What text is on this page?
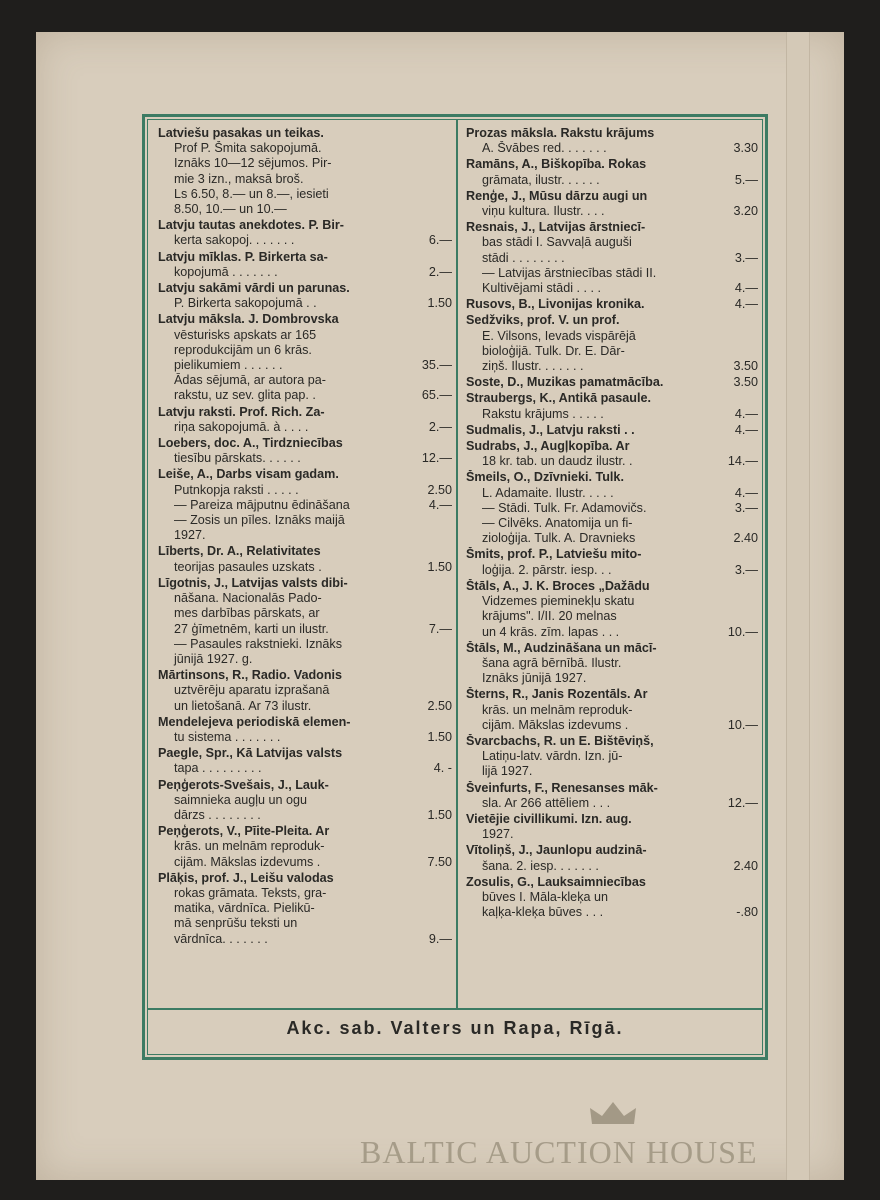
Latviešu pasakas un teikas.
Prof P. Šmita sakopojumā.
Iznāks 10—12 sējumos. Pir-
mie 3 izn., maksā broš.
Ls 6.50, 8.— un 8.—, iesieti
8.50, 10.— un 10.—
Latvju tautas anekdotes. P. Bir-
kerta sakopoj. . . . . . .	6.—
Latvju mīklas. P. Birkerta sa-
kopojumā . . . . . . .	2.—
Latvju sakāmi vārdi un parunas.
P. Birkerta sakopojumā . .	1.50
Latvju māksla. J. Dombrovska
vēsturisks apskats ar 165
reprodukcijām un 6 krās.
pielikumiem . . . . . .	35.—
Ādas sējumā, ar autora pa-
rakstu, uz sev. glita pap. .	65.—
Latvju raksti. Prof. Rich. Za-
riņa sakopojumā. à . . . .	2.—
Loebers, doc. A., Tirdzniecības
tiesību pārskats. . . . . .	12.—
Leiše, A., Darbs visam gadam.
Putnkopja raksti . . . . .	2.50
— Pareiza mājputnu ēdināšana	4.—
— Zosis un pīles. Iznāks maijā
1927.
Līberts, Dr. A., Relativitates
teorijas pasaules uzskats .	1.50
Līgotnis, J., Latvijas valsts dibi-
nāšana. Nacionalās Pado-
mes darbības pārskats, ar
27 ģīmetnēm, karti un ilustr.	7.—
— Pasaules rakstnieki. Iznāks
jūnijā 1927. g.
Mārtinsons, R., Radio. Vadonis
uztvērēju aparatu izprašanā
un lietošanā. Ar 73 ilustr.	2.50
Mendelejeva periodiskā elemen-
tu sistema . . . . . . .	1.50
Paegle, Spr., Kā Latvijas valsts
tapa . . . . . . . . .	4. -
Peņģerots-Svešais, J., Lauk-
saimnieka augļu un ogu
dārzs . . . . . . . .	1.50
Peņģerots, V., Pīite-Pleita. Ar
krās. un melnām reproduk-
cijām. Mākslas izdevums .	7.50
Plāķis, prof. J., Leišu valodas
rokas grāmata. Teksts, gra-
matika, vārdnīca. Pielikū-
mā senprūšu teksti un
vārdnīca. . . . . . .	9.—
Prozas māksla. Rakstu krājums
A. Švābes red. . . . . . .	3.30
Ramāns, A., Biškopība. Rokas
grāmata, ilustr. . . . . .	5.—
Renģe, J., Mūsu dārzu augi un
viņu kultura. Ilustr. . . .	3.20
Resnais, J., Latvijas ārstniecī-
bas stādi I. Savvaļā auguši
stādi . . . . . . . .	3.—
— Latvijas ārstniecības stādi II.
Kultivējami stādi . . . .	4.—
Rusovs, B., Livonijas kronika.	4.—
Sedžviks, prof. V. un prof.
E. Vilsons, Ievads vispārējā
bioloģijā. Tulk. Dr. E. Dār-
ziņš. Ilustr. . . . . . .	3.50
Soste, D., Muzikas pamatmācība.	3.50
Straubergs, K., Antikā pasaule.
Rakstu krājums . . . . .	4.—
Sudmalis, J., Latvju raksti . .	4.—
Sudrabs, J., Augļkopība. Ar
18 kr. tab. un daudz ilustr. .	14.—
Šmeils, O., Dzīvnieki. Tulk.
L. Adamaite. Ilustr. . . . .	4.—
— Stādi. Tulk. Fr. Adamovičs.	3.—
— Cilvēks. Anatomija un fi-
zioloģija. Tulk. A. Dravnieks	2.40
Šmits, prof. P., Latviešu mito-
loģija. 2. pārstr. iesp. . .	3.—
Štāls, A., J. K. Broces „Dažādu
Vidzemes pieminekļu skatu
krājums". I/II. 20 melnas
un 4 krās. zīm. lapas . . .	10.—
Štāls, M., Audzināšana un mācī-
šana agrā bērnībā. Ilustr.
Iznāks jūnijā 1927.
Šterns, R., Janis Rozentāls. Ar
krās. un melnām reproduk-
cijām. Mākslas izdevums .	10.—
Švarcbachs, R. un E. Bištēviņš,
Latiņu-latv. vārdn. Izn. jū-
lijā 1927.
Šveinfurts, F., Renesanses māk-
sla. Ar 266 attēliem . . .	12.—
Vietējie civillikumi. Izn. aug.
1927.
Vītoliņš, J., Jaunlopu audzinā-
šana. 2. iesp. . . . . . .	2.40
Zosulis, G., Lauksaimniecības
būves I. Māla-kleķa un
kaļķa-kleķa būves . . .	-.80
Akc. sab. Valters un Rapa, Rīgā.
BALTIC AUCTION HOUSE
